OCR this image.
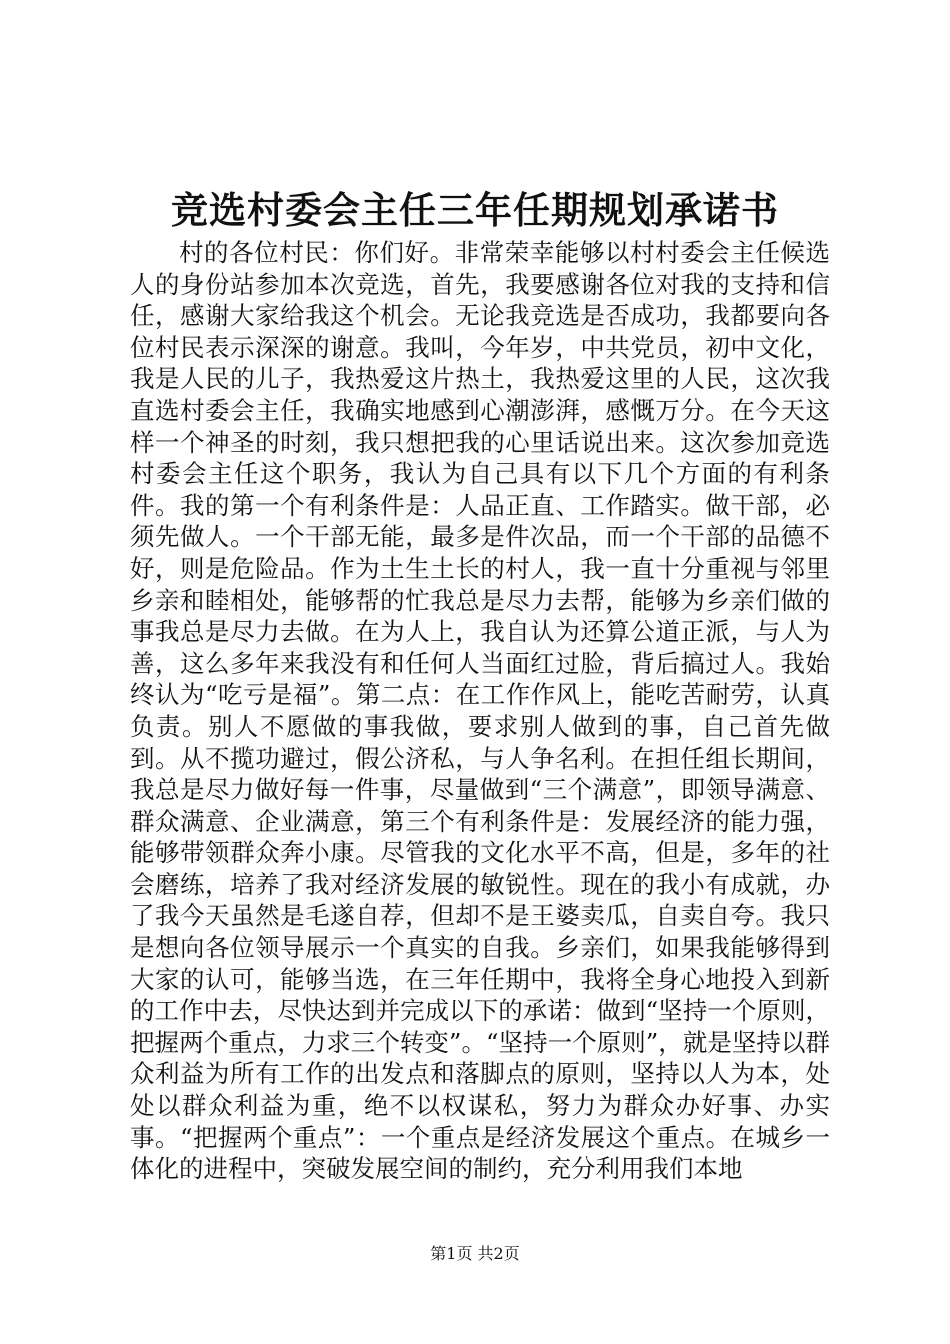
竞选村委会主任三年任期规划承诺书

村的各位村民：你们好。非常荣幸能够以村村委会主任候选人的身份站参加本次竞选，首先，我要感谢各位对我的支持和信任，感谢大家给我这个机会。无论我竞选是否成功，我都要向各位村民表示深深的谢意。我叫，今年岁，中共党员，初中文化，我是人民的儿子，我热爱这片热土，我热爱这里的人民，这次我直选村委会主任，我确实地感到心潮澎湃，感慨万分。在今天这样一个神圣的时刻，我只想把我的心里话说出来。这次参加竞选村委会主任这个职务，我认为自己具有以下几个方面的有利条件。我的第一个有利条件是：人品正直、工作踏实。做干部，必须先做人。一个干部无能，最多是件次品，而一个干部的品德不好，则是危险品。作为土生土长的村人，我一直十分重视与邻里乡亲和睦相处，能够帮的忙我总是尽力去帮，能够为乡亲们做的事我总是尽力去做。在为人上，我自认为还算公道正派，与人为善，这么多年来我没有和任何人当面红过脸，背后搞过人。我始终认为“吃亏是福”。第二点：在工作作风上，能吃苦耐劳，认真负责。别人不愿做的事我做，要求别人做到的事，自己首先做到。从不揽功避过，假公济私，与人争名利。在担任组长期间，我总是尽力做好每一件事，尽量做到“三个满意”，即领导满意、群众满意、企业满意，第三个有利条件是：发展经济的能力强，能够带领群众奔小康。尽管我的文化水平不高，但是，多年的社会磨练，培养了我对经济发展的敏锐性。现在的我小有成就，办了我今天虽然是毛遂自荐，但却不是王婆卖瓜，自卖自夸。我只是想向各位领导展示一个真实的自我。乡亲们，如果我能够得到大家的认可，能够当选，在三年任期中，我将全身心地投入到新的工作中去，尽快达到并完成以下的承诺：做到“坚持一个原则，把握两个重点，力求三个转变”。“坚持一个原则”，就是坚持以群众利益为所有工作的出发点和落脚点的原则，坚持以人为本，处处以群众利益为重，绝不以权谋私，努力为群众办好事、办实事。“把握两个重点”：一个重点是经济发展这个重点。在城乡一体化的进程中，突破发展空间的制约，充分利用我们本地

第1页 共2页
